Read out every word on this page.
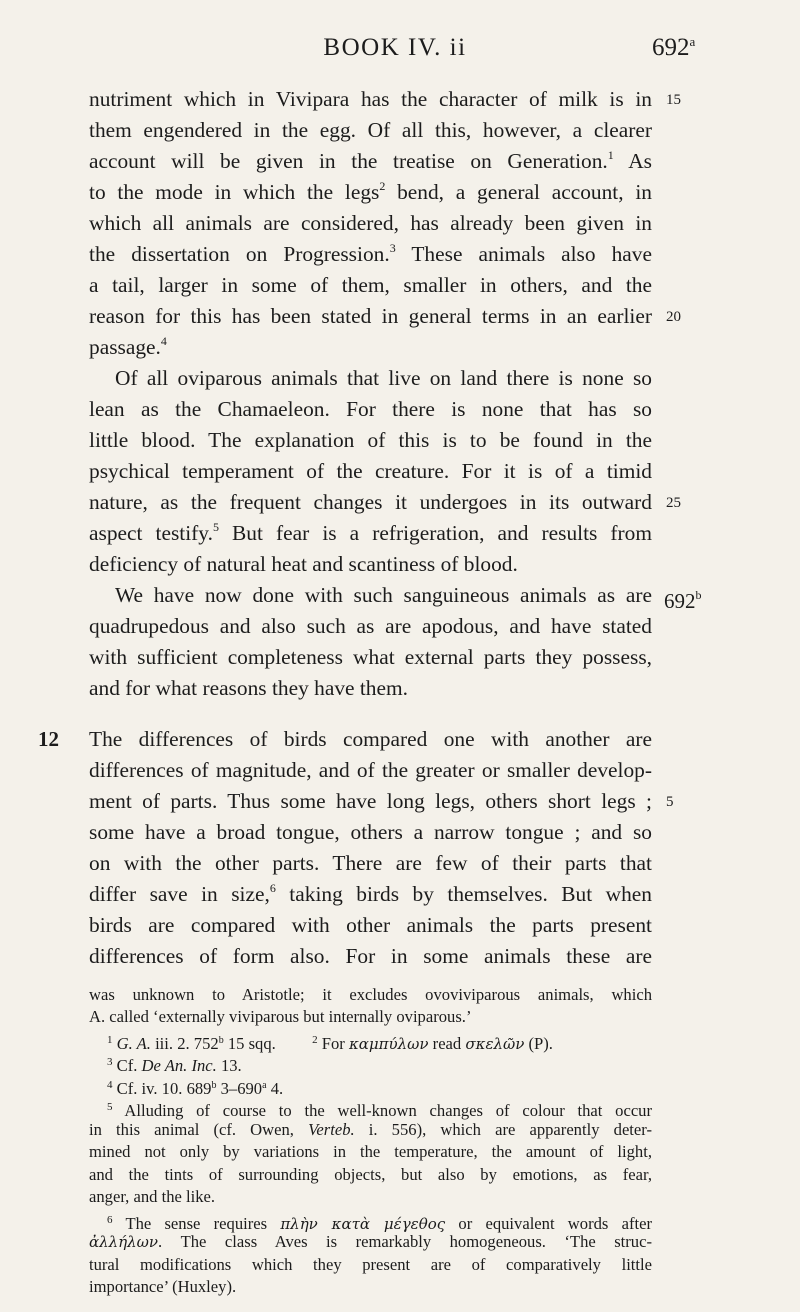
BOOK IV. ii	692$^a$
nutriment which in Vivipara has the character of milk is in 15
them engendered in the egg. Of all this, however, a clearer
account will be given in the treatise on Generation.$^1$ As
to the mode in which the legs$^2$ bend, a general account, in
which all animals are considered, has already been given in
the dissertation on Progression.$^3$ These animals also have
a tail, larger in some of them, smaller in others, and the
reason for this has been stated in general terms in an earlier 20
passage.$^4$
Of all oviparous animals that live on land there is none so
lean as the Chamaeleon. For there is none that has so
little blood. The explanation of this is to be found in the
psychical temperament of the creature. For it is of a timid
nature, as the frequent changes it undergoes in its outward 25
aspect testify.$^5$ But fear is a refrigeration, and results from
deficiency of natural heat and scantiness of blood.
We have now done with such sanguineous animals as are 692$^b$
quadrupedous and also such as are apodous, and have stated
with sufficient completeness what external parts they possess,
and for what reasons they have them.
12 The differences of birds compared one with another are
differences of magnitude, and of the greater or smaller develop-
ment of parts. Thus some have long legs, others short legs ; 5
some have a broad tongue, others a narrow tongue ; and so
on with the other parts. There are few of their parts that
differ save in size,$^6$ taking birds by themselves. But when
birds are compared with other animals the parts present
differences of form also. For in some animals these are
was unknown to Aristotle; it excludes ovoviviparous animals, which
A. called ‘externally viviparous but internally oviparous.’
$^1$ G. A. iii. 2. 752$^b$ 15 sqq.	$^2$ For καμπύλων read σκελῶν (P).
$^3$ Cf. De An. Inc. 13.
$^4$ Cf. iv. 10. 689$^b$ 3–690$^a$ 4.
$^5$ Alluding of course to the well-known changes of colour that occur
in this animal (cf. Owen, Verteb. i. 556), which are apparently deter-
mined not only by variations in the temperature, the amount of light,
and the tints of surrounding objects, but also by emotions, as fear,
anger, and the like.
$^6$ The sense requires πλὴν κατὰ μέγεθος or equivalent words after
ἀλλήλων. The class Aves is remarkably homogeneous. ‘The struc-
tural modifications which they present are of comparatively little
importance’ (Huxley).
